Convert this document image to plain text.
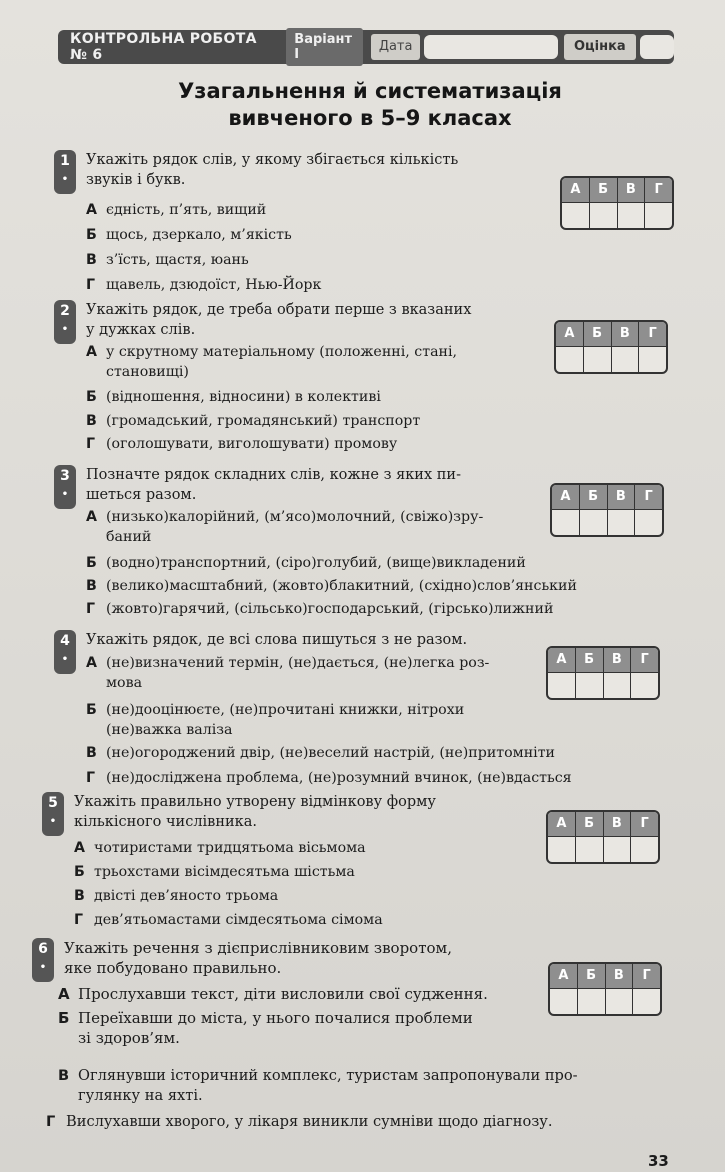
КОНТРОЛЬНА РОБОТА № 6
Варіант І
Дата	Оцінка
Узагальнення й систематизація
вивченого в 5–9 класах
1
•
Укажіть рядок слів, у якому збігається кількість
звуків і букв.
А єдність, п’ять, вищий
Б щось, дзеркало, м’якість
В з’їсть, щастя, юань
Г щавель, дзюдоїст, Нью-Йорк
А	Б	В	Г
2
•
Укажіть рядок, де треба обрати перше з вказаних
у дужках слів.
А у скрутному матеріальному (положенні, стані,
становищі)
Б (відношення, відносини) в колективі
В (громадський, громадянський) транспорт
Г (оголошувати, виголошувати) промову
А	Б	В	Г
3
•
Позначте рядок складних слів, кожне з яких пи-
шеться разом.
А (низько)калорійний, (м’ясо)молочний, (свіжо)зру-
баний
Б (водно)транспортний, (сіро)голубий, (вище)викладений
В (велико)масштабний, (жовто)блакитний, (східно)слов’янський
Г (жовто)гарячий, (сільсько)господарський, (гірсько)лижний
А	Б	В	Г
4
•
Укажіть рядок, де всі слова пишуться з не разом.
А (не)визначений термін, (не)дається, (не)легка роз-
мова
Б (не)дооцінюєте, (не)прочитані книжки, нітрохи
(не)важка валіза
В (не)огороджений двір, (не)веселий настрій, (не)притомніти
Г (не)досліджена проблема, (не)розумний вчинок, (не)вдасться
А	Б	В	Г
5
•
Укажіть правильно утворену відмінкову форму
кількісного числівника.
А чотиристами тридцятьома вісьмома
Б трьохстами вісімдесятьма шістьма
В двісті дев’яносто трьома
Г дев’ятьомастами сімдесятьома сімома
А	Б	В	Г
6
•
Укажіть речення з дієприслівниковим зворотом,
яке побудовано правильно.
А Прослухавши текст, діти висловили свої судження.
Б Переїхавши до міста, у нього почалися проблеми
зі здоров’ям.
В Оглянувши історичний комплекс, туристам запропонували про-
гулянку на яхті.
Г Вислухавши хворого, у лікаря виникли сумніви щодо діагнозу.
А	Б	В	Г
33
